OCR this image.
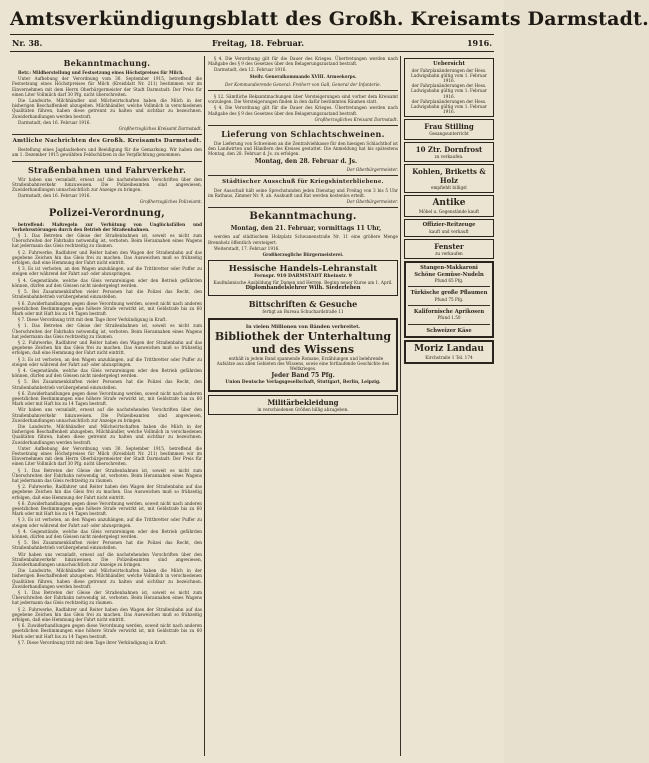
Amtsverkündigungsblatt des Großh. Kreisamts Darmstadt.
Nr. 38.	Freitag, 18. Februar.	1916.
Bekanntmachung.
Betr.: Mildherstellung und Festsetzung eines Höchstpreises für Milch.
Unter Aufhebung der Verordnung vom 30. September 1915, betreffend die Festsetzung eines Höchstpreises für Milch (Kreisblatt Nr. 211) bestimmen wir im Einvernehmen mit dem Herrn Oberbürgermeister der Stadt Darmstadt: Der Preis für einen Liter Vollmilch darf 30 Pfg. nicht überschreiten.
Die Landwirte, Milchhändler und Milchwirtschaften haben die Milch in der bisherigen Beschaffenheit abzugeben. Milchhändler, welche Vollmilch in verschiedenen Qualitäten führen, haben diese getrennt zu halten und sichtbar zu bezeichnen. Zuwiderhandlungen werden bestraft.
Darmstadt, den 16. Februar 1916.
Großherzogliches Kreisamt Darmstadt.
Amtliche Nachrichten des Großh. Kreisamts Darmstadt.
Bestellung eines Jagdaufsehers und Beeidigung für die Gemarkung. Wir haben den am 1. Dezember 1915 gewählten Feldschützen in die Verpflichtung genommen.
Straßenbahnen und Fahrverkehr.
Wir haben uns veranlaßt, erneut auf die nachstehenden Vorschriften über den Straßenbahnverkehr hinzuweisen. Die Polizeibeamten sind angewiesen, Zuwiderhandlungen unnachsichtlich zur Anzeige zu bringen.
Darmstadt, den 16. Februar 1916.
Großherzogliches Polizeiamt.
Polizei-Verordnung,
betreffend: Maßregeln zur Verhütung von Unglücksfällen und Verkehrsstörungen durch den Betrieb der Straßenbahnen.
§ 1. Das Betreten der Gleise der Straßenbahnen ist, soweit es nicht zum Überschreiten der Fahrbahn notwendig ist, verboten. Beim Herannahen eines Wagens hat jedermann das Gleis rechtzeitig zu räumen.
§ 2. Fuhrwerke, Radfahrer und Reiter haben den Wagen der Straßenbahn auf das gegebene Zeichen hin das Gleis frei zu machen. Das Ausweichen muß so frühzeitig erfolgen, daß eine Hemmung der Fahrt nicht eintritt.
§ 3. Es ist verboten, an den Wagen anzuhängen, auf die Trittbretter oder Puffer zu steigen oder während der Fahrt auf- oder abzuspringen.
§ 4. Gegenstände, welche das Gleis verunreinigen oder den Betrieb gefährden können, dürfen auf den Gleisen nicht niedergelegt werden.
§ 5. Bei Zusammenkünften vieler Personen hat die Polizei das Recht, den Straßenbahnbetrieb vorübergehend einzustellen.
§ 6. Zuwiderhandlungen gegen diese Verordnung werden, soweit nicht nach anderen gesetzlichen Bestimmungen eine höhere Strafe verwirkt ist, mit Geldstrafe bis zu 60 Mark oder mit Haft bis zu 14 Tagen bestraft.
§ 7. Diese Verordnung tritt mit dem Tage ihrer Verkündigung in Kraft.
§ 1. Das Betreten der Gleise der Straßenbahnen ist, soweit es nicht zum Überschreiten der Fahrbahn notwendig ist, verboten. Beim Herannahen eines Wagens hat jedermann das Gleis rechtzeitig zu räumen.
§ 2. Fuhrwerke, Radfahrer und Reiter haben den Wagen der Straßenbahn auf das gegebene Zeichen hin das Gleis frei zu machen. Das Ausweichen muß so frühzeitig erfolgen, daß eine Hemmung der Fahrt nicht eintritt.
§ 3. Es ist verboten, an den Wagen anzuhängen, auf die Trittbretter oder Puffer zu steigen oder während der Fahrt auf- oder abzuspringen.
§ 4. Gegenstände, welche das Gleis verunreinigen oder den Betrieb gefährden können, dürfen auf den Gleisen nicht niedergelegt werden.
§ 5. Bei Zusammenkünften vieler Personen hat die Polizei das Recht, den Straßenbahnbetrieb vorübergehend einzustellen.
§ 6. Zuwiderhandlungen gegen diese Verordnung werden, soweit nicht nach anderen gesetzlichen Bestimmungen eine höhere Strafe verwirkt ist, mit Geldstrafe bis zu 60 Mark oder mit Haft bis zu 14 Tagen bestraft.
Wir haben uns veranlaßt, erneut auf die nachstehenden Vorschriften über den Straßenbahnverkehr hinzuweisen. Die Polizeibeamten sind angewiesen, Zuwiderhandlungen unnachsichtlich zur Anzeige zu bringen.
Die Landwirte, Milchhändler und Milchwirtschaften haben die Milch in der bisherigen Beschaffenheit abzugeben. Milchhändler, welche Vollmilch in verschiedenen Qualitäten führen, haben diese getrennt zu halten und sichtbar zu bezeichnen. Zuwiderhandlungen werden bestraft.
Unter Aufhebung der Verordnung vom 30. September 1915, betreffend die Festsetzung eines Höchstpreises für Milch (Kreisblatt Nr. 211) bestimmen wir im Einvernehmen mit dem Herrn Oberbürgermeister der Stadt Darmstadt: Der Preis für einen Liter Vollmilch darf 30 Pfg. nicht überschreiten.
§ 1. Das Betreten der Gleise der Straßenbahnen ist, soweit es nicht zum Überschreiten der Fahrbahn notwendig ist, verboten. Beim Herannahen eines Wagens hat jedermann das Gleis rechtzeitig zu räumen.
§ 2. Fuhrwerke, Radfahrer und Reiter haben den Wagen der Straßenbahn auf das gegebene Zeichen hin das Gleis frei zu machen. Das Ausweichen muß so frühzeitig erfolgen, daß eine Hemmung der Fahrt nicht eintritt.
§ 6. Zuwiderhandlungen gegen diese Verordnung werden, soweit nicht nach anderen gesetzlichen Bestimmungen eine höhere Strafe verwirkt ist, mit Geldstrafe bis zu 60 Mark oder mit Haft bis zu 14 Tagen bestraft.
§ 3. Es ist verboten, an den Wagen anzuhängen, auf die Trittbretter oder Puffer zu steigen oder während der Fahrt auf- oder abzuspringen.
§ 4. Gegenstände, welche das Gleis verunreinigen oder den Betrieb gefährden können, dürfen auf den Gleisen nicht niedergelegt werden.
§ 5. Bei Zusammenkünften vieler Personen hat die Polizei das Recht, den Straßenbahnbetrieb vorübergehend einzustellen.
Wir haben uns veranlaßt, erneut auf die nachstehenden Vorschriften über den Straßenbahnverkehr hinzuweisen. Die Polizeibeamten sind angewiesen, Zuwiderhandlungen unnachsichtlich zur Anzeige zu bringen.
Die Landwirte, Milchhändler und Milchwirtschaften haben die Milch in der bisherigen Beschaffenheit abzugeben. Milchhändler, welche Vollmilch in verschiedenen Qualitäten führen, haben diese getrennt zu halten und sichtbar zu bezeichnen. Zuwiderhandlungen werden bestraft.
§ 1. Das Betreten der Gleise der Straßenbahnen ist, soweit es nicht zum Überschreiten der Fahrbahn notwendig ist, verboten. Beim Herannahen eines Wagens hat jedermann das Gleis rechtzeitig zu räumen.
§ 2. Fuhrwerke, Radfahrer und Reiter haben den Wagen der Straßenbahn auf das gegebene Zeichen hin das Gleis frei zu machen. Das Ausweichen muß so frühzeitig erfolgen, daß eine Hemmung der Fahrt nicht eintritt.
§ 6. Zuwiderhandlungen gegen diese Verordnung werden, soweit nicht nach anderen gesetzlichen Bestimmungen eine höhere Strafe verwirkt ist, mit Geldstrafe bis zu 60 Mark oder mit Haft bis zu 14 Tagen bestraft.
§ 7. Diese Verordnung tritt mit dem Tage ihrer Verkündigung in Kraft.
§ 4. Die Verordnung gilt für die Dauer des Krieges. Übertretungen werden nach Maßgabe des § 9 des Gesetzes über den Belagerungszustand bestraft.
Darmstadt, den 12. Februar 1916.
Stellv. Generalkommando XVIII. Armeekorps.
Der Kommandierende General: Freiherr von Gall, General der Infanterie.
§ 12. Sämtliche Bekanntmachungen über Versteigerungen sind vorher dem Kreisamt vorzulegen. Die Versteigerungen finden in den dafür bestimmten Räumen statt.
§ 4. Die Verordnung gilt für die Dauer des Krieges. Übertretungen werden nach Maßgabe des § 9 des Gesetzes über den Belagerungszustand bestraft.
Großherzogliches Kreisamt Darmstadt.
Lieferung von Schlachtschweinen.
Die Lieferung von Schweinen an die Zentralviehkasse für den hiesigen Schlachthof ist den Landwirten und Händlern des Kreises gestattet. Die Anmeldung hat bis spätestens Montag, den 28. Februar d. Js. zu erfolgen.
Montag, den 28. Februar d. Js.
Der Oberbürgermeister.
Städtischer Ausschuß für Kriegshinterbliebene.
Der Ausschuß hält seine Sprechstunden jeden Dienstag und Freitag von 3 bis 5 Uhr im Rathaus, Zimmer Nr. 9, ab. Auskunft und Rat werden kostenlos erteilt.
Der Oberbürgermeister.
Bekanntmachung.
Montag, den 21. Februar, vormittags 11 Uhr,
werden auf städtischem Holzplatz Schwanenstraße Nr. 11 eine größere Menge Brennholz öffentlich versteigert.
Weiterstadt, 17. Februar 1916.
Großherzogliche Bürgermeisterei.
Hessische Handels-Lehranstalt
Fernspr. 910 DARMSTADT Rheinstr. 9
Kaufmännische Ausbildung für Damen und Herren. Beginn neuer Kurse am 1. April.
Diplomhandelslehrer Wilh. Siederleben
Bittschriften & Gesuche
fertigt an Bureau Schuchardstraße 11
In vielen Millionen von Bänden verbreitet.
Bibliothek der Unterhaltung und des Wissens
enthält in jedem Band spannende Romane, Erzählungen und belehrende Aufsätze aus allen Gebieten des Wissens, sowie eine fortlaufende Geschichte des Weltkrieges.
Jeder Band 75 Pfg.
Union Deutsche Verlagsgesellschaft, Stuttgart, Berlin, Leipzig.
Militärbekleidung
in verschiedenen Größen billig abzugeben.
Uebersicht
der Fahrplanänderungen der Hess. Ludwigsbahn gültig vom 1. Februar 1916.
der Fahrplanänderungen der Hess. Ludwigsbahn gültig vom 1. Februar 1916.
der Fahrplanänderungen der Hess. Ludwigsbahn gültig vom 1. Februar 1916.
Frau Stilling
Gesangsunterricht
10 Ztr. Dornfrost
zu verkaufen.
Kohlen, Briketts & Holz
empfiehlt billigst
Antike
Möbel u. Gegenstände kauft
Offizier-Reitzeuge
kauft und verkauft
Fenster
zu verkaufen
Stangen-Makkaroni
Schöne Gemüse-Nudeln
Pfund 65 Pfg.
Türkische große Pflaumen
Pfund 75 Pfg.
Kalifornische Aprikosen
Pfund 1.50
Schweizer Käse
Moriz Landau
Kirchstraße 1 Tel. 174
